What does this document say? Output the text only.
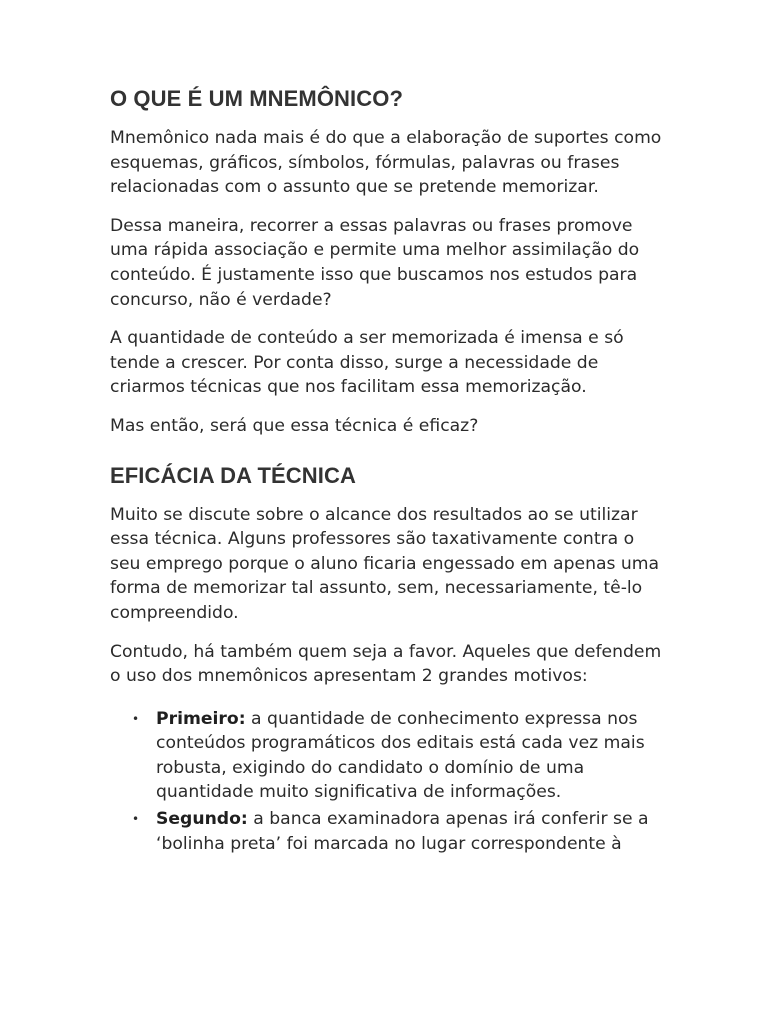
O QUE É UM MNEMÔNICO?

Mnemônico nada mais é do que a elaboração de suportes como esquemas, gráficos, símbolos, fórmulas, palavras ou frases relacionadas com o assunto que se pretende memorizar.

Dessa maneira, recorrer a essas palavras ou frases promove uma rápida associação e permite uma melhor assimilação do conteúdo. É justamente isso que buscamos nos estudos para concurso, não é verdade?

A quantidade de conteúdo a ser memorizada é imensa e só tende a crescer. Por conta disso, surge a necessidade de criarmos técnicas que nos facilitam essa memorização.

Mas então, será que essa técnica é eficaz?

EFICÁCIA DA TÉCNICA

Muito se discute sobre o alcance dos resultados ao se utilizar essa técnica. Alguns professores são taxativamente contra o seu emprego porque o aluno ficaria engessado em apenas uma forma de memorizar tal assunto, sem, necessariamente, tê-lo compreendido.

Contudo, há também quem seja a favor. Aqueles que defendem o uso dos mnemônicos apresentam 2 grandes motivos:

• Primeiro: a quantidade de conhecimento expressa nos conteúdos programáticos dos editais está cada vez mais robusta, exigindo do candidato o domínio de uma quantidade muito significativa de informações.
• Segundo: a banca examinadora apenas irá conferir se a ‘bolinha preta’ foi marcada no lugar correspondente à
